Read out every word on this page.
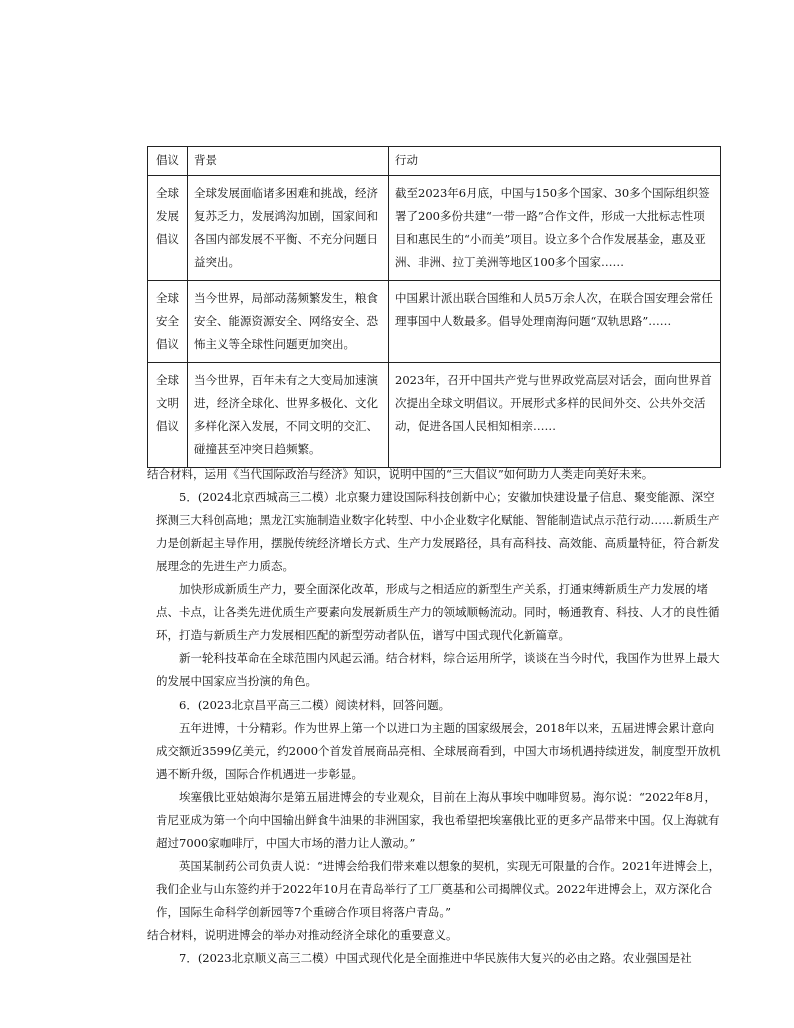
倡议	背景	行动
全球发展倡议	全球发展面临诸多困难和挑战，经济复苏乏力，发展鸿沟加剧，国家间和各国内部发展不平衡、不充分问题日益突出。	截至2023年6月底，中国与150多个国家、30多个国际组织签署了200多份共建“一带一路”合作文件，形成一大批标志性项目和惠民生的“小而美”项目。设立多个合作发展基金，惠及亚洲、非洲、拉丁美洲等地区100多个国家……
全球安全倡议	当今世界，局部动荡频繁发生，粮食安全、能源资源安全、网络安全、恐怖主义等全球性问题更加突出。	中国累计派出联合国维和人员5万余人次，在联合国安理会常任理事国中人数最多。倡导处理南海问题“双轨思路”……
全球文明倡议	当今世界，百年未有之大变局加速演进，经济全球化、世界多极化、文化多样化深入发展，不同文明的交汇、碰撞甚至冲突日趋频繁。	2023年，召开中国共产党与世界政党高层对话会，面向世界首次提出全球文明倡议。开展形式多样的民间外交、公共外交活动，促进各国人民相知相亲……

结合材料，运用《当代国际政治与经济》知识，说明中国的“三大倡议”如何助力人类走向美好未来。

5．(2024北京西城高三二模）北京聚力建设国际科技创新中心；安徽加快建设量子信息、聚变能源、深空探测三大科创高地；黑龙江实施制造业数字化转型、中小企业数字化赋能、智能制造试点示范行动……新质生产力是创新起主导作用，摆脱传统经济增长方式、生产力发展路径，具有高科技、高效能、高质量特征，符合新发展理念的先进生产力质态。

加快形成新质生产力，要全面深化改革，形成与之相适应的新型生产关系，打通束缚新质生产力发展的堵点、卡点，让各类先进优质生产要素向发展新质生产力的领域顺畅流动。同时，畅通教育、科技、人才的良性循环，打造与新质生产力发展相匹配的新型劳动者队伍，谱写中国式现代化新篇章。

新一轮科技革命在全球范围内风起云涌。结合材料，综合运用所学，谈谈在当今时代，我国作为世界上最大的发展中国家应当扮演的角色。

6．(2023北京昌平高三二模）阅读材料，回答问题。

五年进博，十分精彩。作为世界上第一个以进口为主题的国家级展会，2018年以来，五届进博会累计意向成交额近3599亿美元，约2000个首发首展商品亮相、全球展商看到，中国大市场机遇持续迸发，制度型开放机遇不断升级，国际合作机遇进一步彰显。

埃塞俄比亚姑娘海尔是第五届进博会的专业观众，目前在上海从事埃中咖啡贸易。海尔说：“2022年8月，肯尼亚成为第一个向中国输出鲜食牛油果的非洲国家，我也希望把埃塞俄比亚的更多产品带来中国。仅上海就有超过7000家咖啡厅，中国大市场的潜力让人激动。”

英国某制药公司负责人说：“进博会给我们带来难以想象的契机，实现无可限量的合作。2021年进博会上，我们企业与山东签约并于2022年10月在青岛举行了工厂奠基和公司揭牌仪式。2022年进博会上，双方深化合作，国际生命科学创新园等7个重磅合作项目将落户青岛。”

结合材料，说明进博会的举办对推动经济全球化的重要意义。

7．(2023北京顺义高三二模）中国式现代化是全面推进中华民族伟大复兴的必由之路。农业强国是社
